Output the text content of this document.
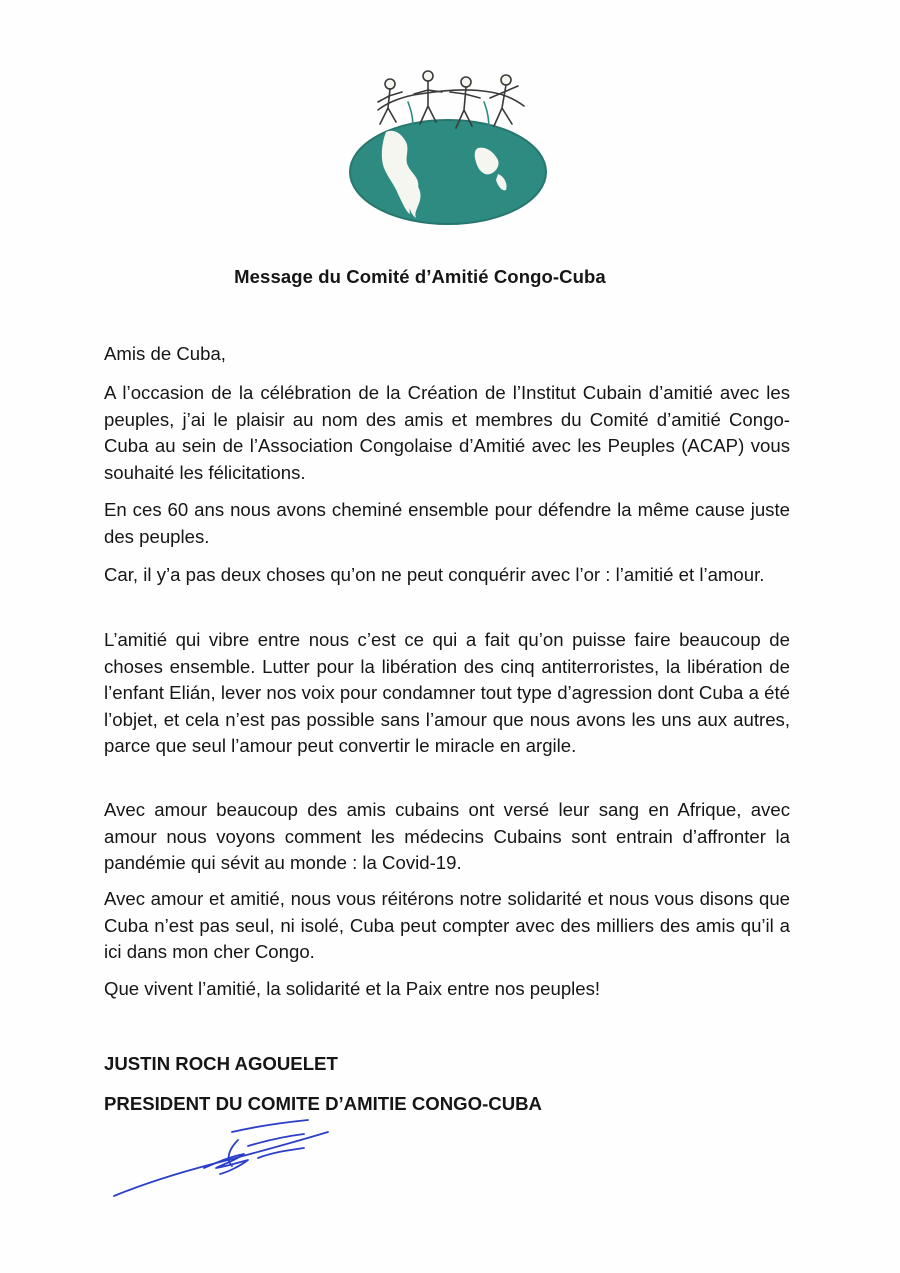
Message du Comité d’Amitié Congo-Cuba

Amis de Cuba,

A l’occasion de la célébration de la Création de l’Institut Cubain d’amitié avec les peuples, j’ai le plaisir au nom des amis et membres du Comité d’amitié Congo-Cuba au sein de l’Association Congolaise d’Amitié avec les Peuples (ACAP) vous souhaité les félicitations.

En ces 60 ans nous avons cheminé ensemble pour défendre la même cause juste des peuples.

Car, il y’a pas deux choses qu’on ne peut conquérir avec l’or : l’amitié et l’amour.

L’amitié qui vibre entre nous c’est ce qui a fait qu’on puisse faire beaucoup de choses ensemble. Lutter pour la libération des cinq antiterroristes, la libération de l’enfant Elián, lever nos voix pour condamner tout type d’agression dont Cuba a été l’objet, et cela n’est pas possible sans l’amour que nous avons les uns aux autres, parce que seul l’amour peut convertir le miracle en argile.

Avec amour beaucoup des amis cubains ont versé leur sang en Afrique, avec amour nous voyons comment les médecins Cubains sont entrain d’affronter la pandémie qui sévit au monde : la Covid-19.

Avec amour et amitié, nous vous réitérons notre solidarité et nous vous disons que Cuba n’est pas seul, ni isolé, Cuba peut compter avec des milliers des amis qu’il a ici dans mon cher Congo.

Que vivent l’amitié, la solidarité et la Paix entre nos peuples!

JUSTIN ROCH AGOUELET

PRESIDENT DU COMITE D’AMITIE CONGO-CUBA
